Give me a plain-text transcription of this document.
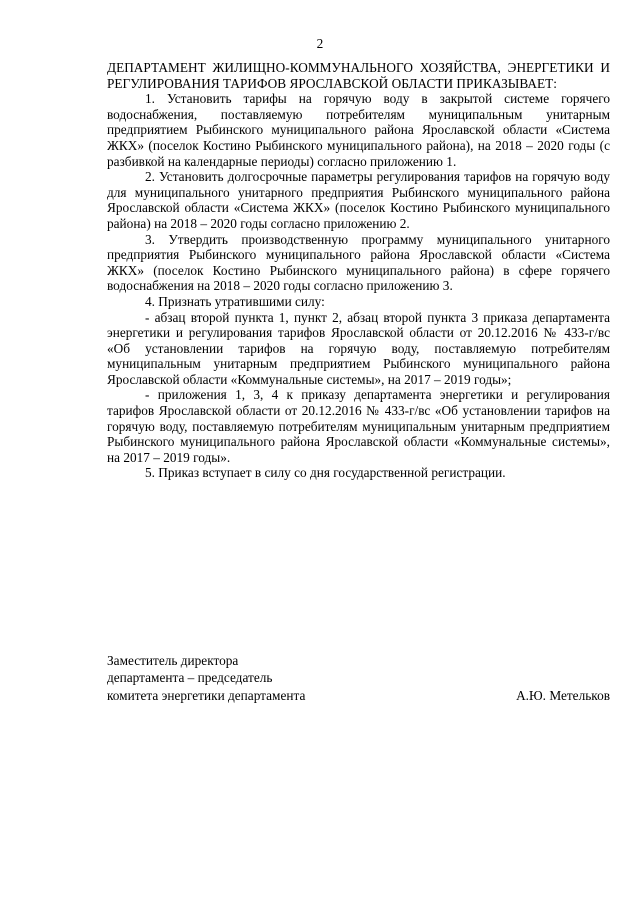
2

ДЕПАРТАМЕНТ ЖИЛИЩНО-КОММУНАЛЬНОГО ХОЗЯЙСТВА, ЭНЕРГЕТИКИ И РЕГУЛИРОВАНИЯ ТАРИФОВ ЯРОСЛАВСКОЙ ОБЛАСТИ ПРИКАЗЫВАЕТ:

1. Установить тарифы на горячую воду в закрытой системе горячего водоснабжения, поставляемую потребителям муниципальным унитарным предприятием Рыбинского муниципального района Ярославской области «Система ЖКХ» (поселок Костино Рыбинского муниципального района), на 2018 – 2020 годы (с разбивкой на календарные периоды) согласно приложению 1.

2. Установить долгосрочные параметры регулирования тарифов на горячую воду для муниципального унитарного предприятия Рыбинского муниципального района Ярославской области «Система ЖКХ» (поселок Костино Рыбинского муниципального района) на 2018 – 2020 годы согласно приложению 2.

3. Утвердить производственную программу муниципального унитарного предприятия Рыбинского муниципального района Ярославской области «Система ЖКХ» (поселок Костино Рыбинского муниципального района) в сфере горячего водоснабжения на 2018 – 2020 годы согласно приложению 3.

4. Признать утратившими силу:

- абзац второй пункта 1, пункт 2, абзац второй пункта 3 приказа департамента энергетики и регулирования тарифов Ярославской области от 20.12.2016 № 433-г/вс «Об установлении тарифов на горячую воду, поставляемую потребителям муниципальным унитарным предприятием Рыбинского муниципального района Ярославской области «Коммунальные системы», на 2017 – 2019 годы»;

- приложения 1, 3, 4 к приказу департамента энергетики и регулирования тарифов Ярославской области от 20.12.2016 № 433-г/вс «Об установлении тарифов на горячую воду, поставляемую потребителям муниципальным унитарным предприятием Рыбинского муниципального района Ярославской области «Коммунальные системы», на 2017 – 2019 годы».

5. Приказ вступает в силу со дня государственной регистрации.

Заместитель директора
департамента – председатель
комитета энергетики департамента	А.Ю. Метельков
